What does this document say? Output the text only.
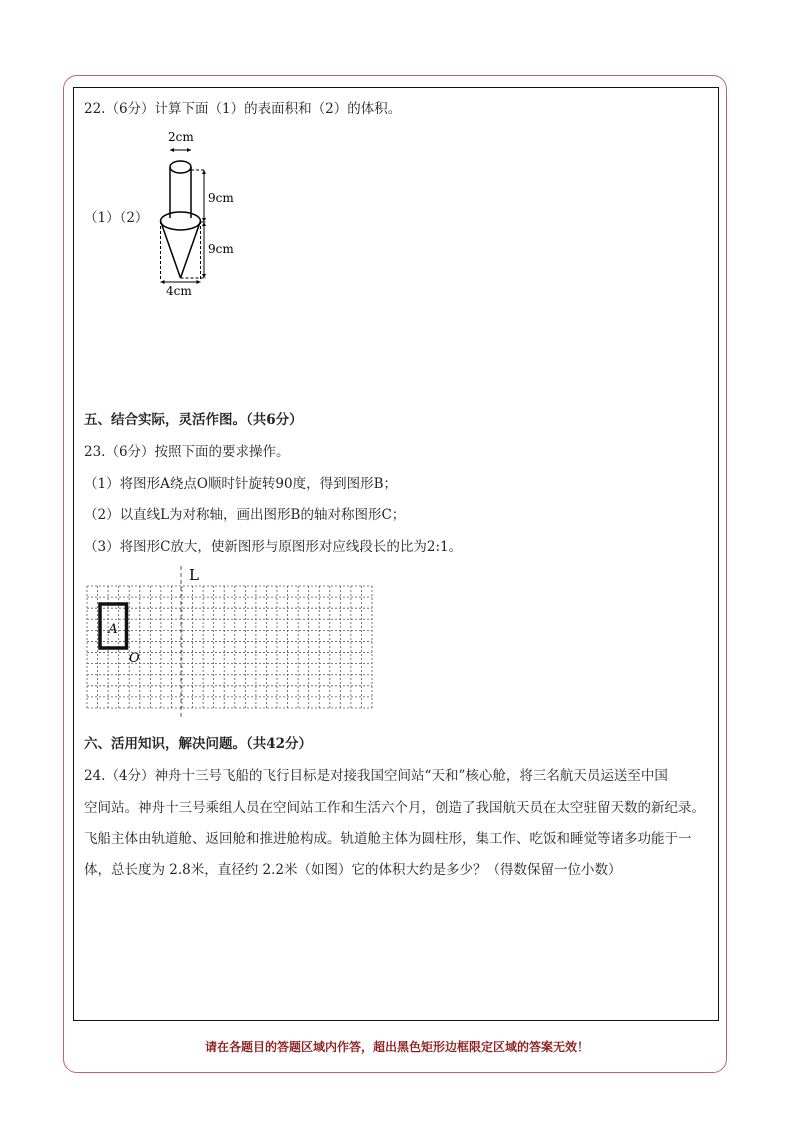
22.（6分）计算下面（1）的表面积和（2）的体积。
（1）（2）
2cm
9cm
9cm
4cm
五、结合实际，灵活作图。（共6分）
23.（6分）按照下面的要求操作。
（1）将图形A绕点O顺时针旋转90度，得到图形B；
（2）以直线L为对称轴，画出图形B的轴对称图形C；
（3）将图形C放大，使新图形与原图形对应线段长的比为2:1。
L
A
O
六、活用知识，解决问题。（共42分）
24.（4分）神舟十三号飞船的飞行目标是对接我国空间站“天和”核心舱，将三名航天员运送至中国
空间站。神舟十三号乘组人员在空间站工作和生活六个月，创造了我国航天员在太空驻留天数的新纪录。
飞船主体由轨道舱、返回舱和推进舱构成。轨道舱主体为圆柱形，集工作、吃饭和睡觉等诸多功能于一
体，总长度为 2.8米，直径约 2.2米（如图）它的体积大约是多少？（得数保留一位小数）
请在各题目的答题区域内作答，超出黑色矩形边框限定区域的答案无效！
